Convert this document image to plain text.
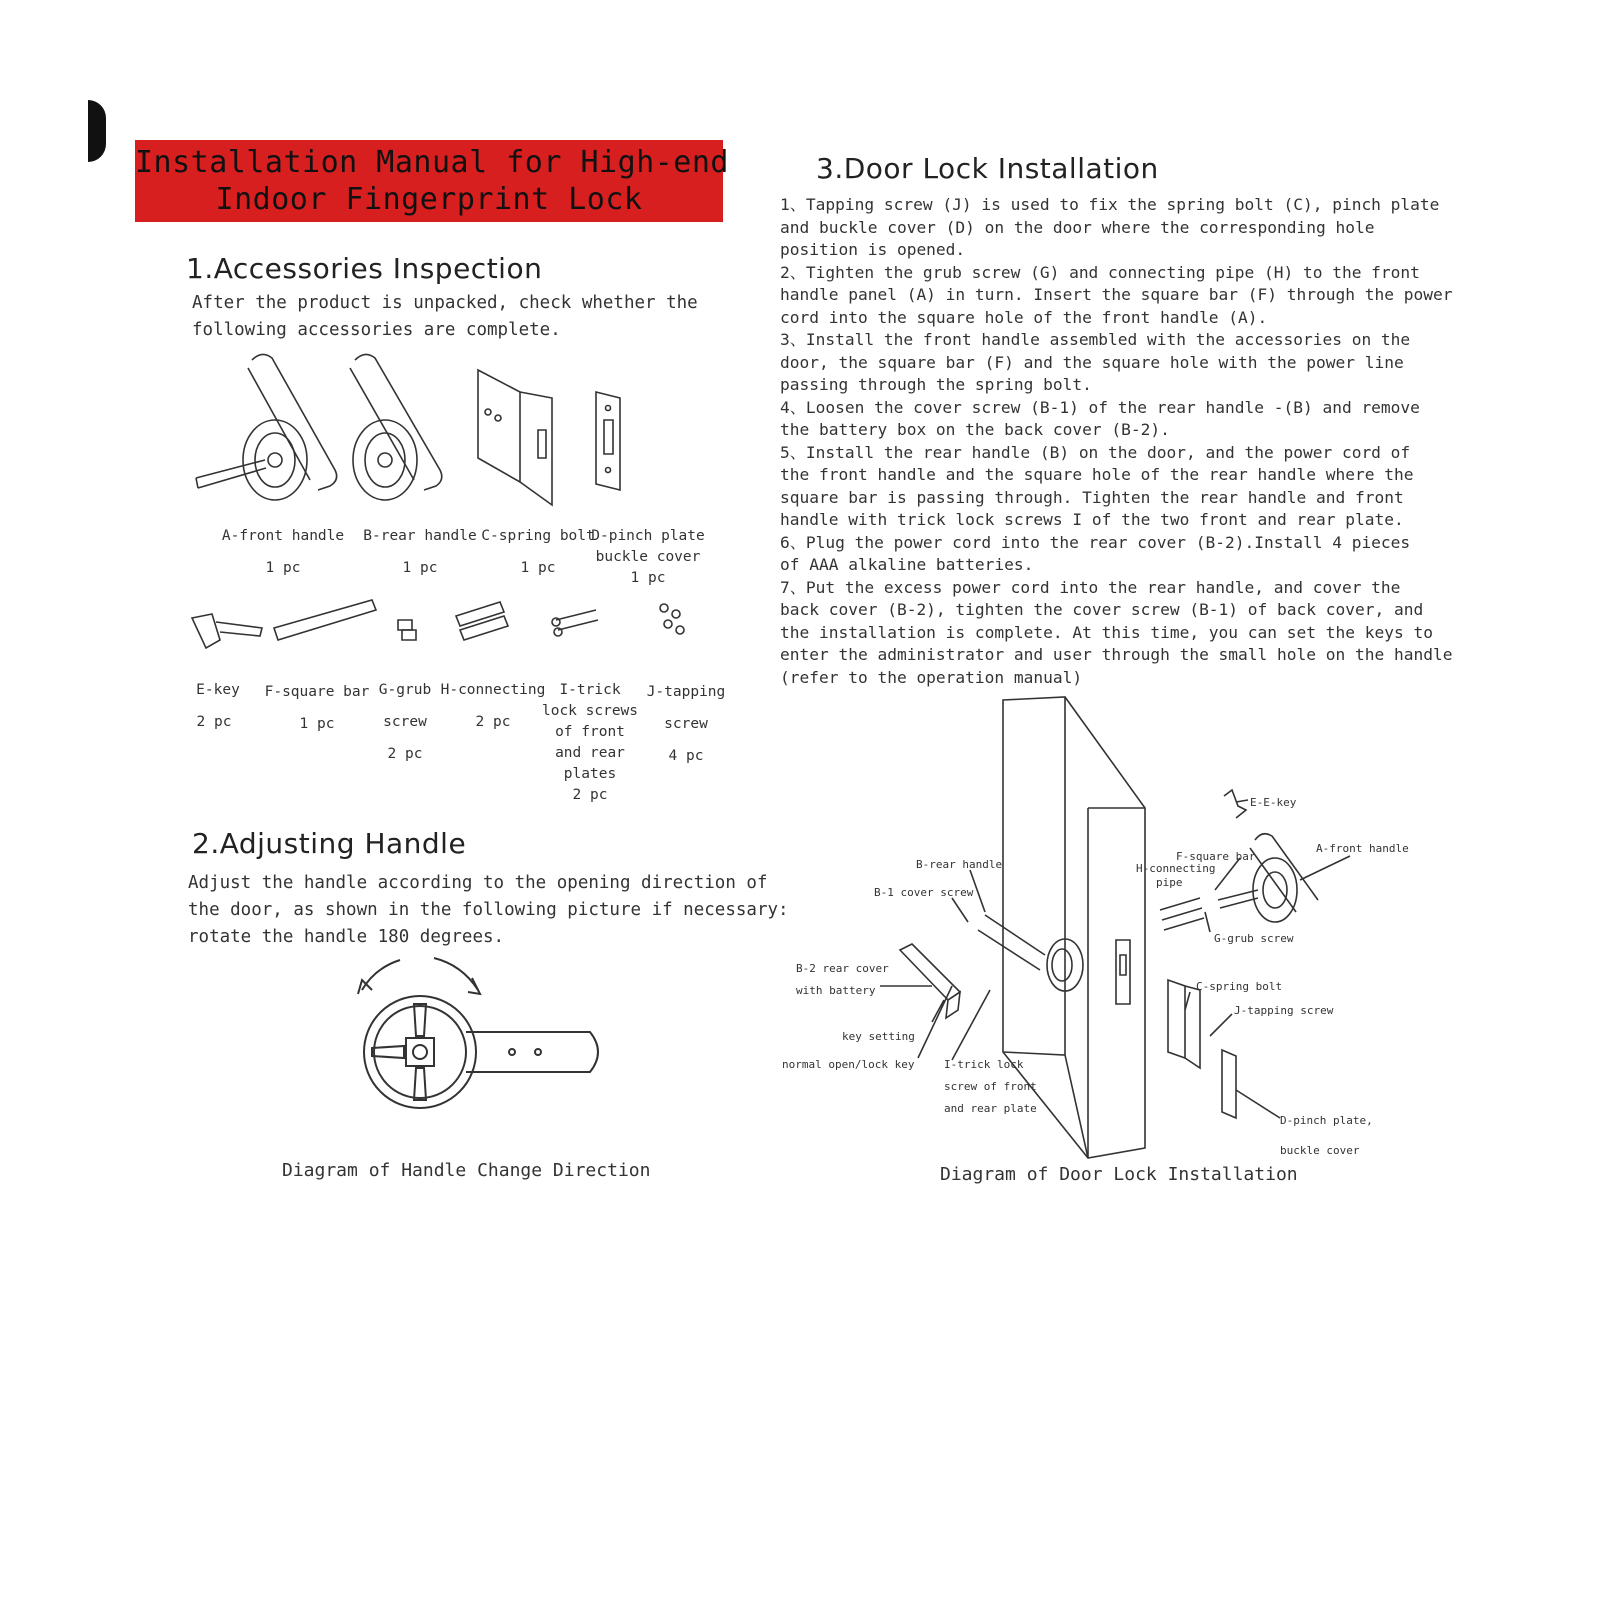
Installation Manual for High-end
Indoor Fingerprint Lock
1.Accessories Inspection
After the product is unpacked, check whether the
following accessories are complete.
A-front handle
1 pc
B-rear handle
1 pc
C-spring bolt
1 pc
D-pinch plate
buckle cover
1 pc
E-key
2 pc
F-square bar
1 pc
G-grub
screw
2 pc
H-connecting
2 pc
I-trick
lock screws
of front
and rear
plates
2 pc
J-tapping
screw
4 pc
2.Adjusting Handle
Adjust the handle according to the opening direction of
the door, as shown in the following picture if necessary:
rotate the handle 180 degrees.
Diagram of Handle Change Direction
3.Door Lock Installation
1、Tapping screw (J) is used to fix the spring bolt (C), pinch plate
and buckle cover (D) on the door where the corresponding hole
position is opened.
2、Tighten the grub screw (G) and connecting pipe (H) to the front
handle panel (A) in turn. Insert the square bar (F) through the power
cord into the square hole of the front handle (A).
3、Install the front handle assembled with the accessories on the
door, the square bar (F) and the square hole with the power line
passing through the spring bolt.
4、Loosen the cover screw (B-1) of the rear handle -(B) and remove
the battery box on the back cover (B-2).
5、Install the rear handle (B) on the door, and the power cord of
the front handle and the square hole of the rear handle where the
square bar is passing through. Tighten the rear handle and front
handle with trick lock screws I of the two front and rear plate.
6、Plug the power cord into the rear cover (B-2).Install 4 pieces
of AAA alkaline batteries.
7、Put the excess power cord into the rear handle, and cover the
back cover (B-2), tighten the cover screw (B-1) of back cover, and
the installation is complete. At this time, you can set the keys to
enter the administrator and user through the small hole on the handle
(refer to the operation manual)
E-E-key
A-front handle
F-square bar
H-connecting
pipe
B-rear handle
B-1 cover screw
G-grub screw
B-2 rear cover
with battery	C-spring bolt
J-tapping screw
key setting
normal open/lock key	I-trick lock
screw of front
and rear plate
D-pinch plate,
buckle cover
Diagram of Door Lock Installation
